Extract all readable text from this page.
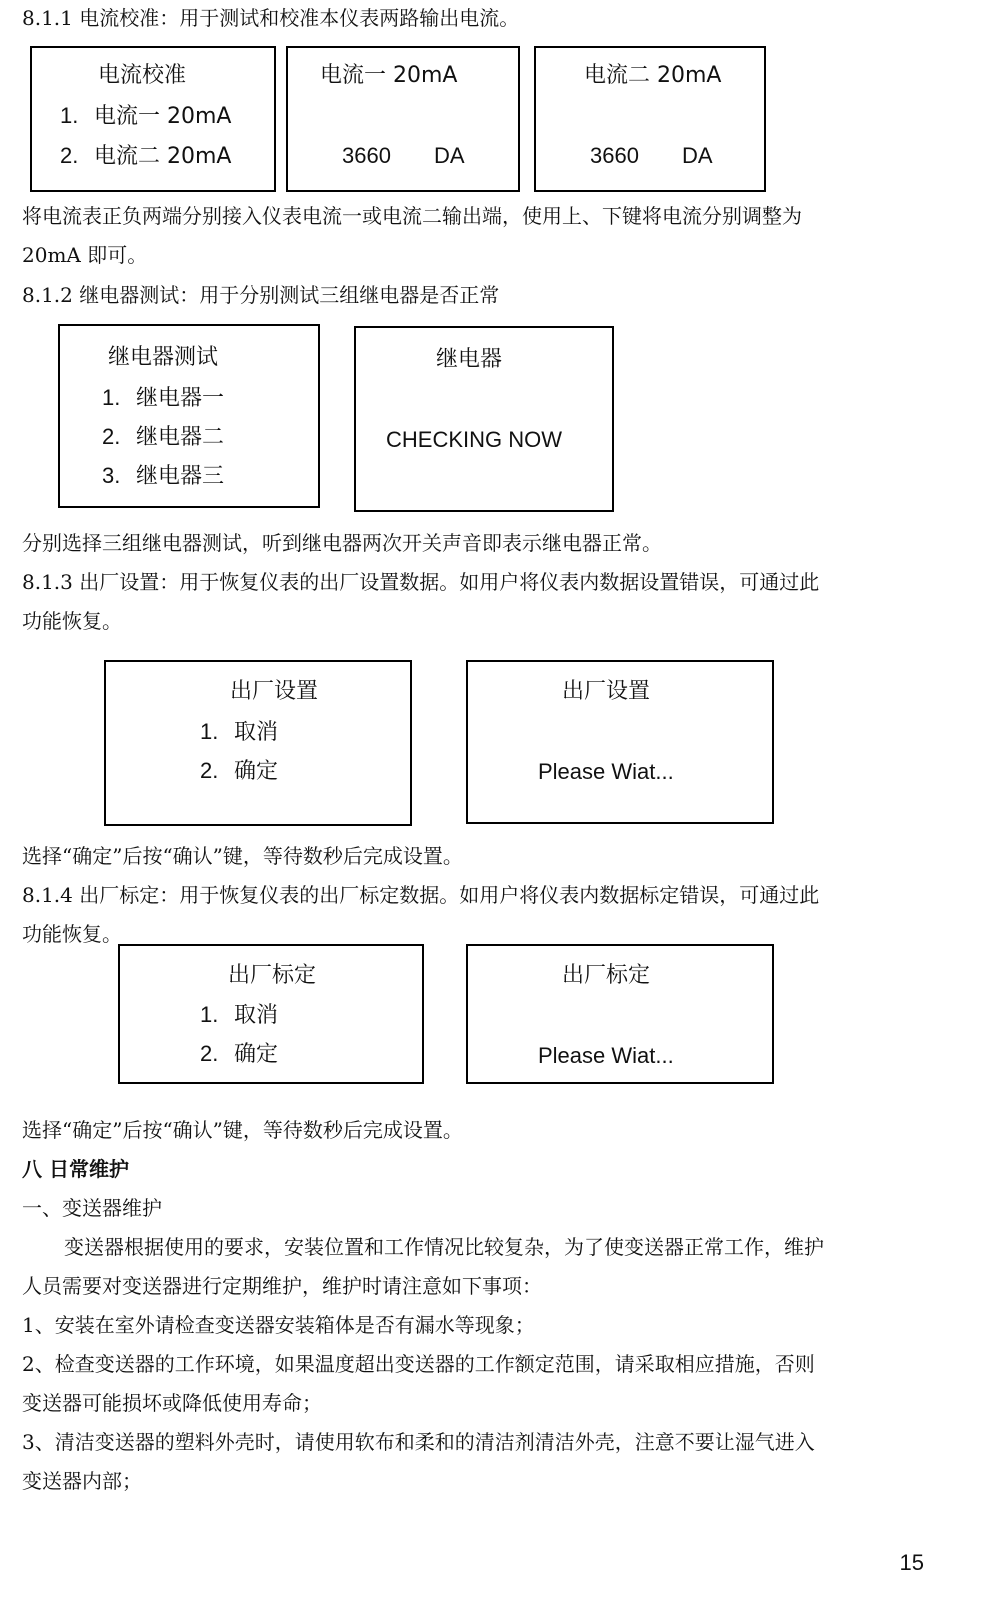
8.1.1 电流校准：用于测试和校准本仪表两路输出电流。
电流校准
1. 电流一 20mA
2. 电流二 20mA
电流一 20mA
3660 DA
电流二 20mA
3660 DA
将电流表正负两端分别接入仪表电流一或电流二输出端，使用上、下键将电流分别调整为
20mA 即可。
8.1.2 继电器测试：用于分别测试三组继电器是否正常
继电器测试
1. 继电器一
2. 继电器二
3. 继电器三
继电器
CHECKING NOW
分别选择三组继电器测试，听到继电器两次开关声音即表示继电器正常。
8.1.3 出厂设置：用于恢复仪表的出厂设置数据。如用户将仪表内数据设置错误，可通过此
功能恢复。
出厂设置
1. 取消
2. 确定
出厂设置
Please Wiat...
选择“确定”后按“确认”键，等待数秒后完成设置。
8.1.4 出厂标定：用于恢复仪表的出厂标定数据。如用户将仪表内数据标定错误，可通过此
功能恢复。
出厂标定
1. 取消
2. 确定
出厂标定
Please Wiat...
选择“确定”后按“确认”键，等待数秒后完成设置。
八 日常维护
一、变送器维护
变送器根据使用的要求，安装位置和工作情况比较复杂，为了使变送器正常工作，维护
人员需要对变送器进行定期维护，维护时请注意如下事项：
1、安装在室外请检查变送器安装箱体是否有漏水等现象；
2、检查变送器的工作环境，如果温度超出变送器的工作额定范围，请采取相应措施，否则
变送器可能损坏或降低使用寿命；
3、清洁变送器的塑料外壳时，请使用软布和柔和的清洁剂清洁外壳，注意不要让湿气进入
变送器内部；
15
